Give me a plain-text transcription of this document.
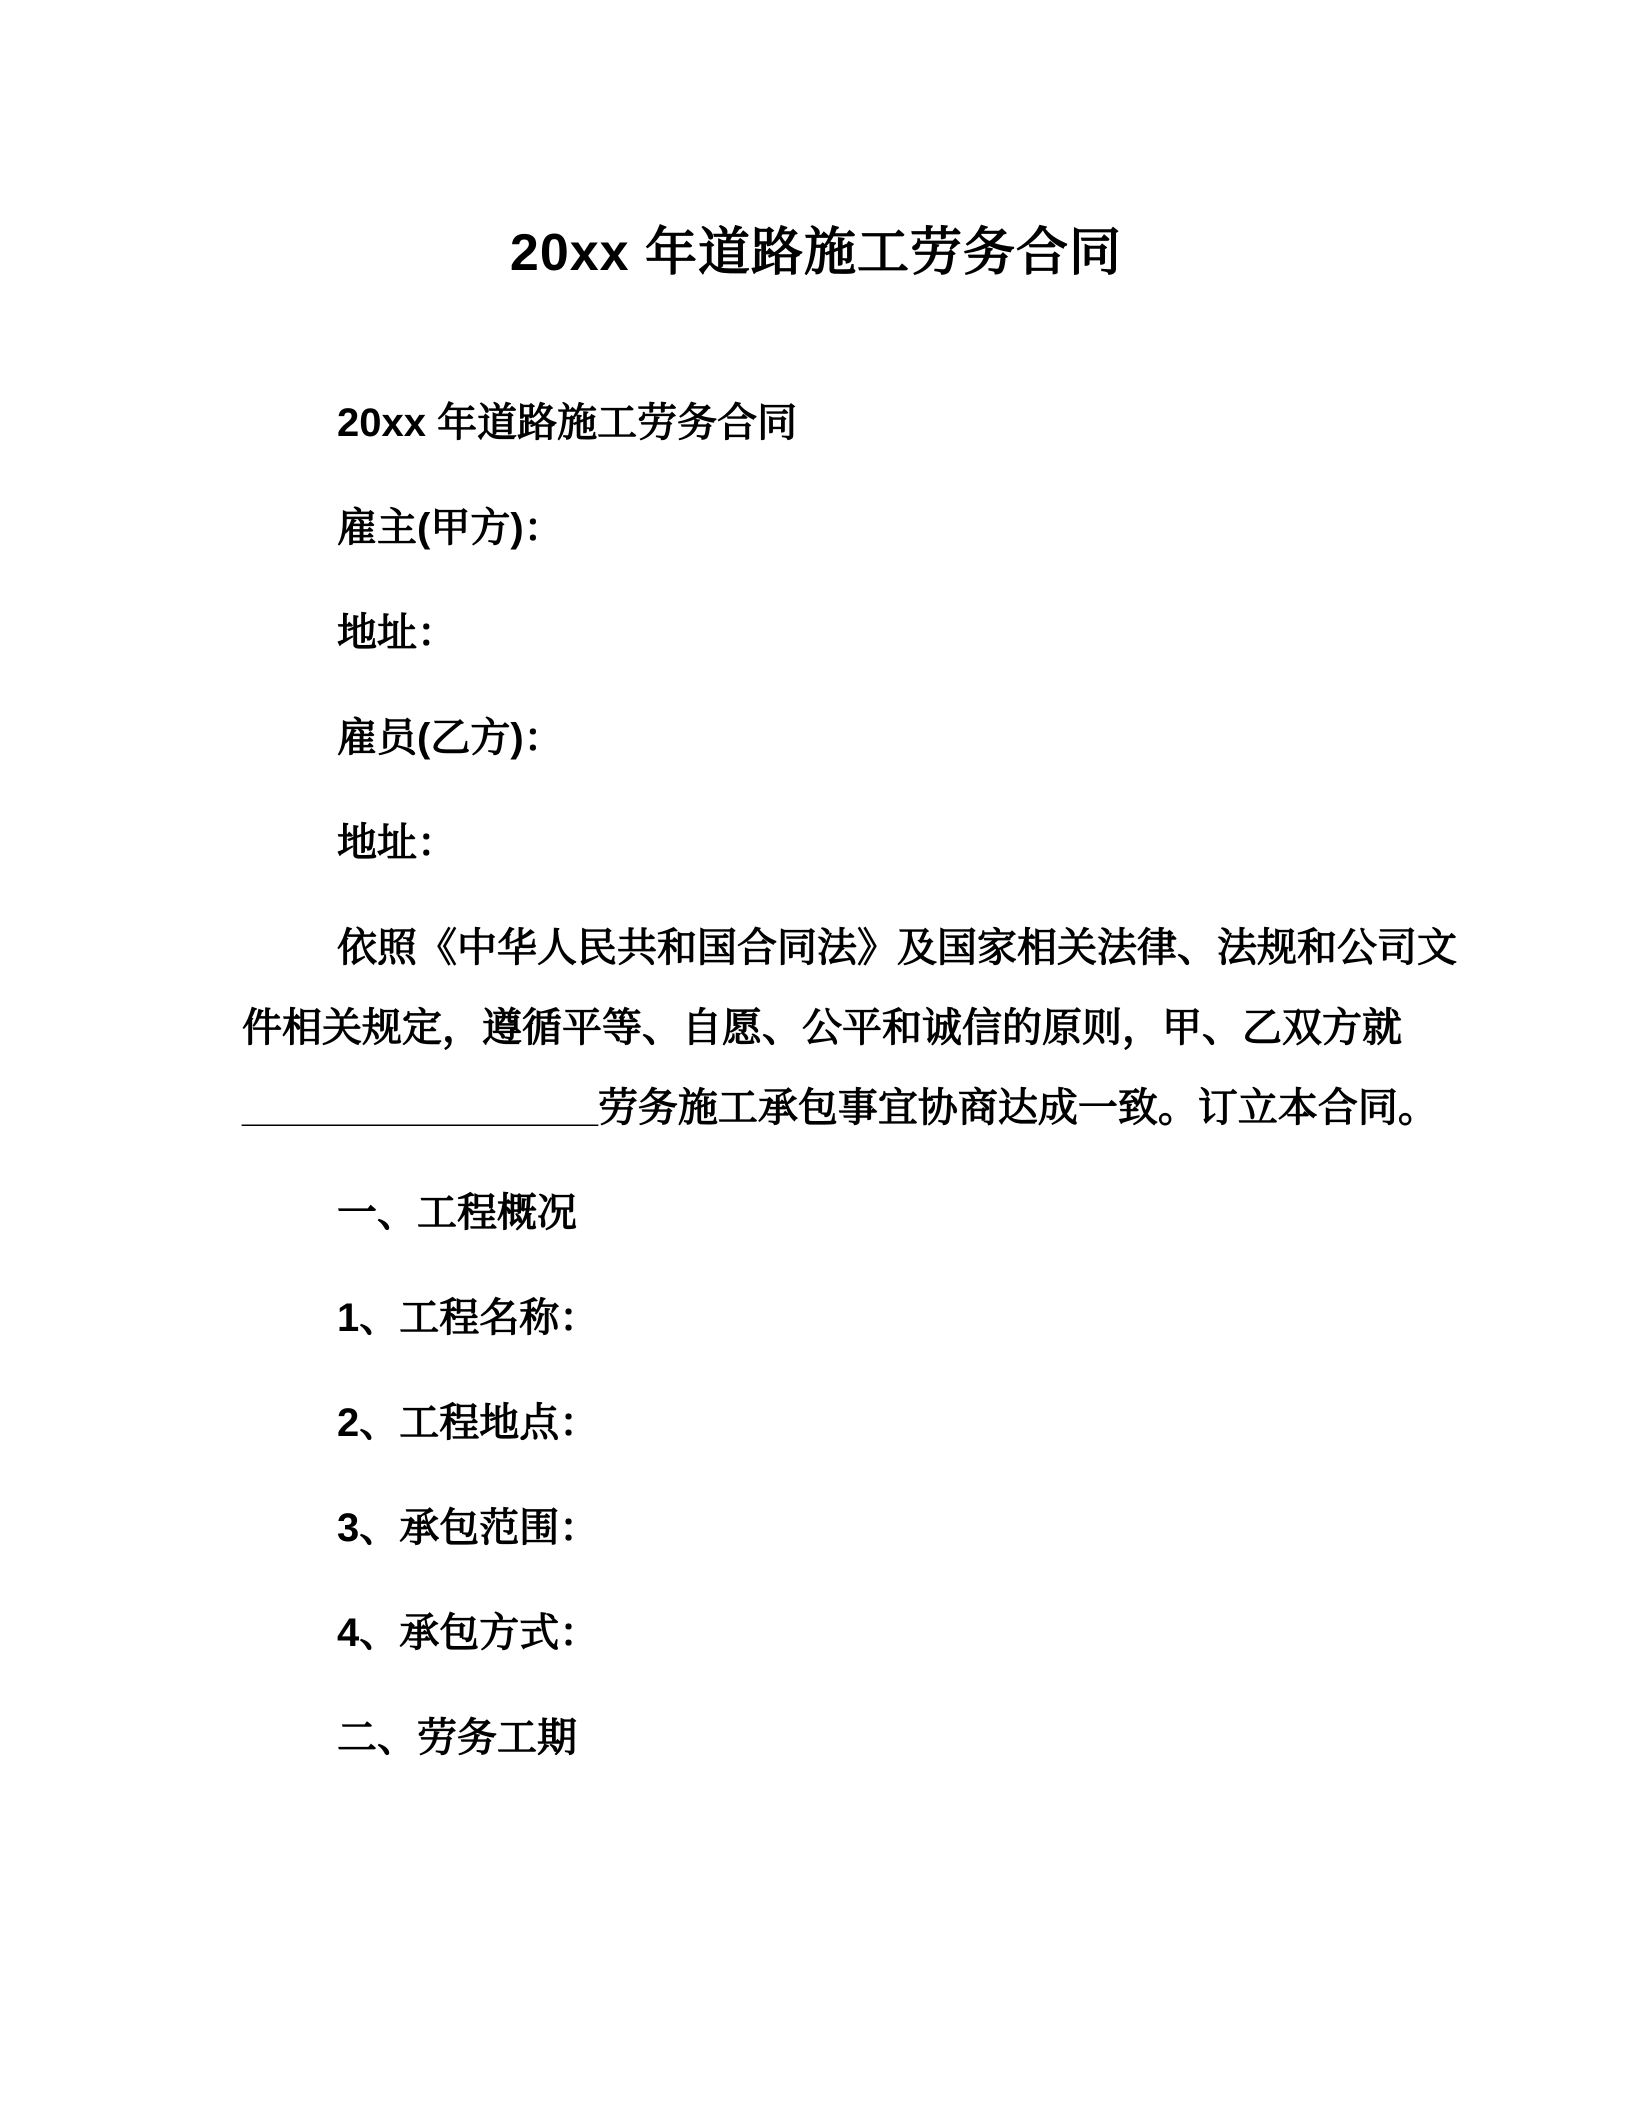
20xx 年道路施工劳务合同

20xx 年道路施工劳务合同

雇主(甲方)：

地址：

雇员(乙方)：

地址：

依照《中华人民共和国合同法》及国家相关法律、法规和公司文
件相关规定，遵循平等、自愿、公平和诚信的原则，甲、乙双方就
________________劳务施工承包事宜协商达成一致。订立本合同。

一、工程概况

1、工程名称：

2、工程地点：

3、承包范围：

4、承包方式：

二、劳务工期
